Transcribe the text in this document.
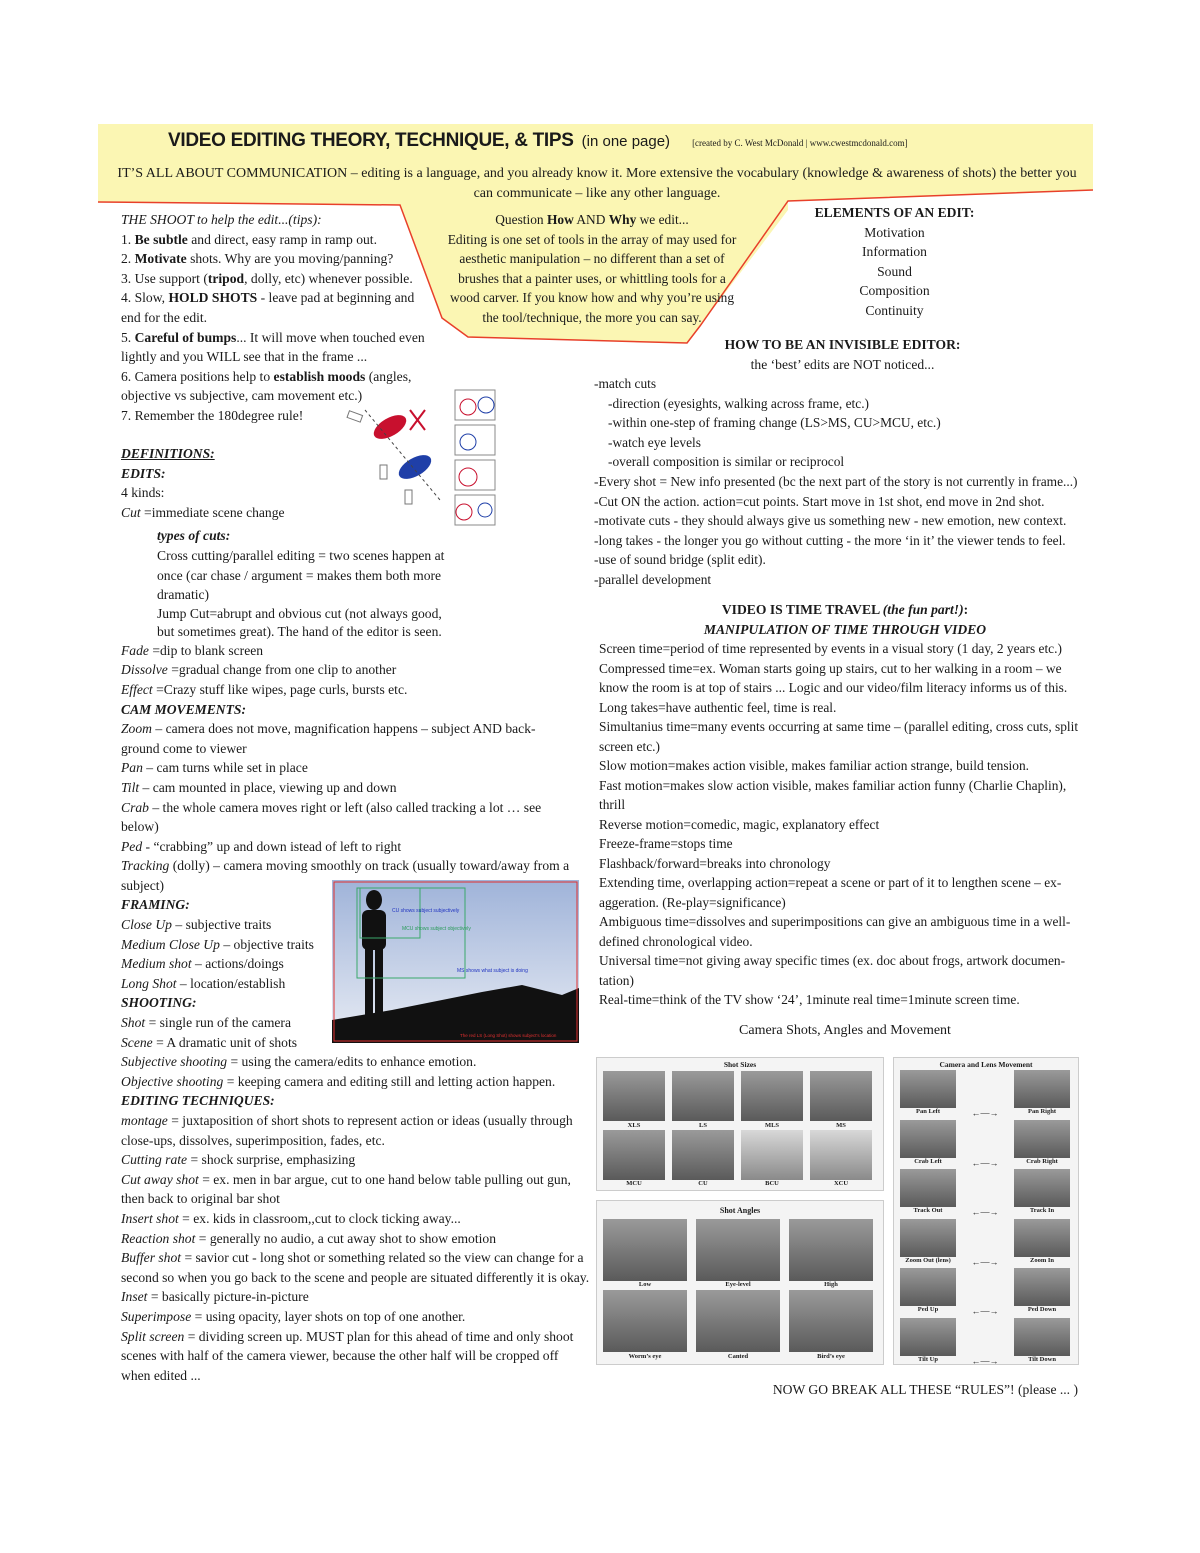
VIDEO EDITING THEORY, TECHNIQUE, & TIPS (in one page) [created by C. West McDonald | www.cwestmcdonald.com]
IT’S ALL ABOUT COMMUNICATION – editing is a language, and you already know it. More extensive the vocabulary (knowledge & awareness of shots) the better you can communicate – like any other language.

Question How AND Why we edit...

Editing is one set of tools in the array of may used for aesthetic manipulation – no different than a set of brushes that a painter uses, or whittling tools for a wood carver. If you know how and why you’re using the tool/technique, the more you can say.

ELEMENTS OF AN EDIT:
Motivation
Information
Sound
Composition
Continuity

THE SHOOT to help the edit...(tips):

1. Be subtle and direct, easy ramp in ramp out.

2. Motivate shots. Why are you moving/panning?

3. Use support (tripod, dolly, etc) whenever possible.

4. Slow, HOLD SHOTS - leave pad at beginning and end for the edit.

5. Careful of bumps... It will move when touched even lightly and you WILL see that in the frame ...

6. Camera positions help to establish moods (angles, objective vs subjective, cam movement etc.)

7. Remember the 180degree rule!

DEFINITIONS:

EDITS:

4 kinds:

Cut =immediate scene change

types of cuts:

Cross cutting/parallel editing = two scenes happen at once (car chase / argument = makes them both more dramatic)

Jump Cut=abrupt and obvious cut (not always good, but sometimes great). The hand of the editor is seen.

Fade =dip to blank screen

Dissolve =gradual change from one clip to another

Effect =Crazy stuff like wipes, page curls, bursts etc.

CAM MOVEMENTS:

Zoom – camera does not move, magnification happens – subject AND back-ground come to viewer

Pan – cam turns while set in place

Tilt – cam mounted in place, viewing up and down

Crab – the whole camera moves right or left (also called tracking a lot … see below)

Ped - “crabbing” up and down istead of left to right

Tracking (dolly) – camera moving smoothly on track (usually toward/away from a subject)

FRAMING:

Close Up – subjective traits

Medium Close Up – objective traits

Medium shot – actions/doings

Long Shot – location/establish

SHOOTING:

Shot = single run of the camera

Scene = A dramatic unit of shots

Subjective shooting = using the camera/edits to enhance emotion.

Objective shooting = keeping camera and editing still and letting action happen.

EDITING TECHNIQUES:

montage = juxtaposition of short shots to represent action or ideas (usually through close-ups, dissolves, superimposition, fades, etc.

Cutting rate = shock surprise, emphasizing

Cut away shot = ex. men in bar argue, cut to one hand below table pulling out gun, then back to original bar shot

Insert shot = ex. kids in classroom,,cut to clock ticking away...

Reaction shot = generally no audio, a cut away shot to show emotion

Buffer shot = savior cut - long shot or something related so the view can change for a second so when you go back to the scene and people are situated differently it is okay.

Inset = basically picture-in-picture

Superimpose = using opacity, layer shots on top of one another.

Split screen = dividing screen up. MUST plan for this ahead of time and only shoot scenes with half of the camera viewer, because the other half will be cropped off when edited ...

CU shows subject subjectively
MCU shows subject objectively
MS shows what subject is doing
The red LS (Long Shot) shows subject's location
HOW TO BE AN INVISIBLE EDITOR:
the ‘best’ edits are NOT noticed...
-match cuts
-direction (eyesights, walking across frame, etc.)
-within one-step of framing change (LS>MS, CU>MCU, etc.)
-watch eye levels
-overall composition is similar or reciprocol
-Every shot = New info presented (bc the next part of the story is not currently in frame...)
-Cut ON the action. action=cut points. Start move in 1st shot, end move in 2nd shot.
-motivate cuts - they should always give us something new - new emotion, new context.
-long takes - the longer you go without cutting - the more ‘in it’ the viewer tends to feel.
-use of sound bridge (split edit).
-parallel development
VIDEO IS TIME TRAVEL (the fun part!):
MANIPULATION OF TIME THROUGH VIDEO
Screen time=period of time represented by events in a visual story (1 day, 2 years etc.)
Compressed time=ex. Woman starts going up stairs, cut to her walking in a room – we know the room is at top of stairs ... Logic and our video/film literacy informs us of this.
Long takes=have authentic feel, time is real.
Simultanius time=many events occurring at same time – (parallel editing, cross cuts, split screen etc.)
Slow motion=makes action visible, makes familiar action strange, build tension.
Fast motion=makes slow action visible, makes familiar action funny (Charlie Chaplin), thrill
Reverse motion=comedic, magic, explanatory effect
Freeze-frame=stops time
Flashback/forward=breaks into chronology
Extending time, overlapping action=repeat a scene or part of it to lengthen scene – ex-aggeration. (Re-play=significance)
Ambiguous time=dissolves and superimpositions can give an ambiguous time in a well-defined chronological video.
Universal time=not giving away specific times (ex. doc about frogs, artwork documen-tation)
Real-time=think of the TV show ‘24’, 1minute real time=1minute screen time.
Camera Shots, Angles and Movement
Shot Sizes
XLS	LS	MLS	MS
MCU	CU	BCU	XCU
Shot Angles
Low	Eye-level	High
Worm’s eye	Canted	Bird’s eye
Camera and Lens Movement
←—→
Pan Left	Pan Right
←—→
Crab Left	Crab Right
←—→
Track Out	Track In
←—→
Zoom Out (lens)	Zoom In
←—→
Ped Up	Ped Down
←—→
Tilt Up	Tilt Down
NOW GO BREAK ALL THESE “RULES”! (please ... )
